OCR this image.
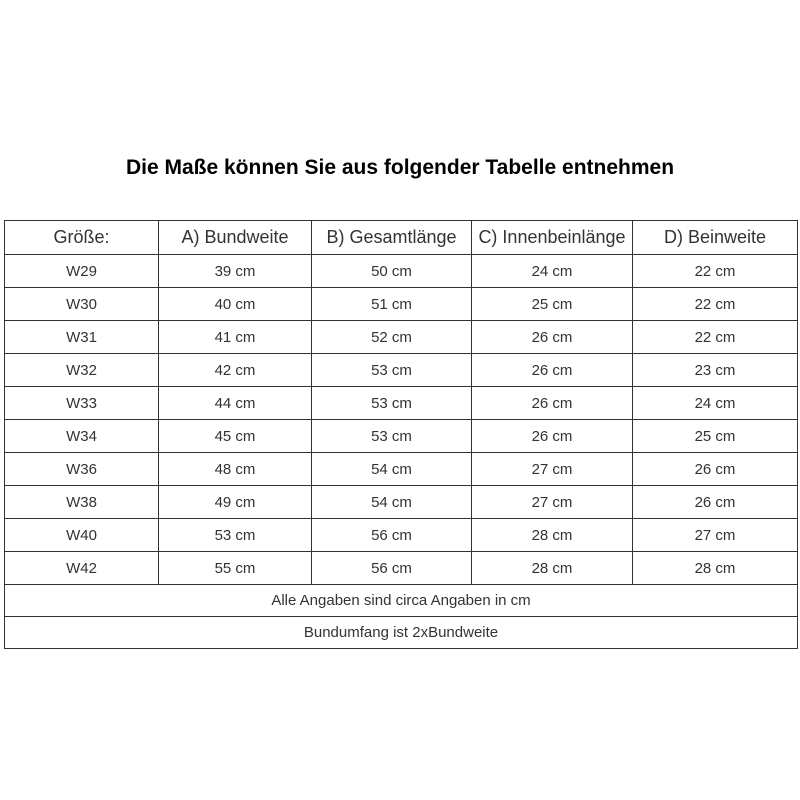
Die Maße können Sie aus folgender Tabelle entnehmen
Größe:	A) Bundweite	B) Gesamtlänge	C) Innenbeinlänge	D) Beinweite
W29	39 cm	50 cm	24 cm	22 cm
W30	40 cm	51 cm	25 cm	22 cm
W31	41 cm	52 cm	26 cm	22 cm
W32	42 cm	53 cm	26 cm	23 cm
W33	44 cm	53 cm	26 cm	24 cm
W34	45 cm	53 cm	26 cm	25 cm
W36	48 cm	54 cm	27 cm	26 cm
W38	49 cm	54 cm	27 cm	26 cm
W40	53 cm	56 cm	28 cm	27 cm
W42	55 cm	56 cm	28 cm	28 cm
Alle Angaben sind circa Angaben in cm				
Bundumfang ist 2xBundweite				
